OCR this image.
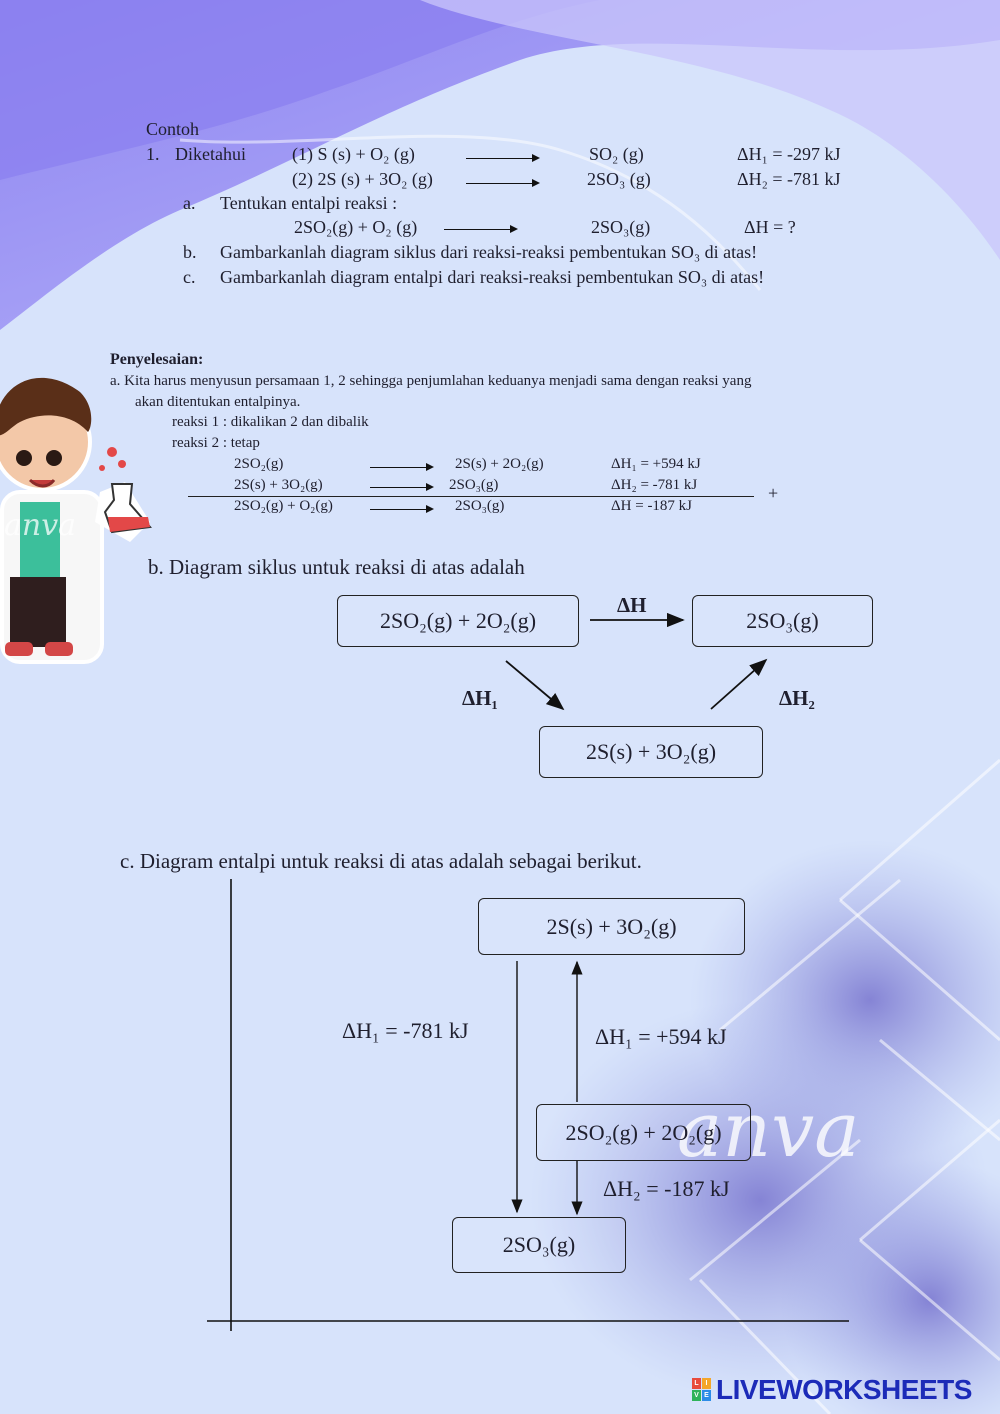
Contoh
1. Diketahui	(1) S (s) + O₂ (g)	SO₂ (g)	ΔH₁ = -297 kJ
(2) 2S (s) + 3O₂ (g)	2SO₃ (g)	ΔH₂ = -781 kJ
a. Tentukan entalpi reaksi :
2SO₂(g) + O₂ (g)	2SO₃(g)	ΔH = ?
b. Gambarkanlah diagram siklus dari reaksi-reaksi pembentukan SO₃ di atas!
c. Gambarkanlah diagram entalpi dari reaksi-reaksi pembentukan SO₃ di atas!
Penyelesaian:
a. Kita harus menyusun persamaan 1, 2 sehingga penjumlahan keduanya menjadi sama dengan reaksi yang
akan ditentukan entalpinya.
reaksi 1 : dikalikan 2 dan dibalik
reaksi 2 : tetap
2SO₂(g)	→ 2S(s) + 2O₂(g)	ΔH₁ = +594 kJ
2S(s) + 3O₂(g)	→ 2SO₃(g)	ΔH₂ = -781 kJ	+
2SO₂(g) + O₂(g) → 2SO₃(g)	ΔH = -187 kJ
anva
b. Diagram siklus untuk reaksi di atas adalah
2SO₂(g) + 2O₂(g)	2SO₃(g)
2S(s) + 3O₂(g)
ΔH
ΔH₁	ΔH₂
c. Diagram entalpi untuk reaksi di atas adalah sebagai berikut.
anva
2S(s) + 3O₂(g)
2SO₂(g) + 2O₂(g)
2SO₃(g)
ΔH₁ = -781 kJ	ΔH₁ = +594 kJ
ΔH₂ = -187 kJ
L I
V E LIVEWORKSHEETS
